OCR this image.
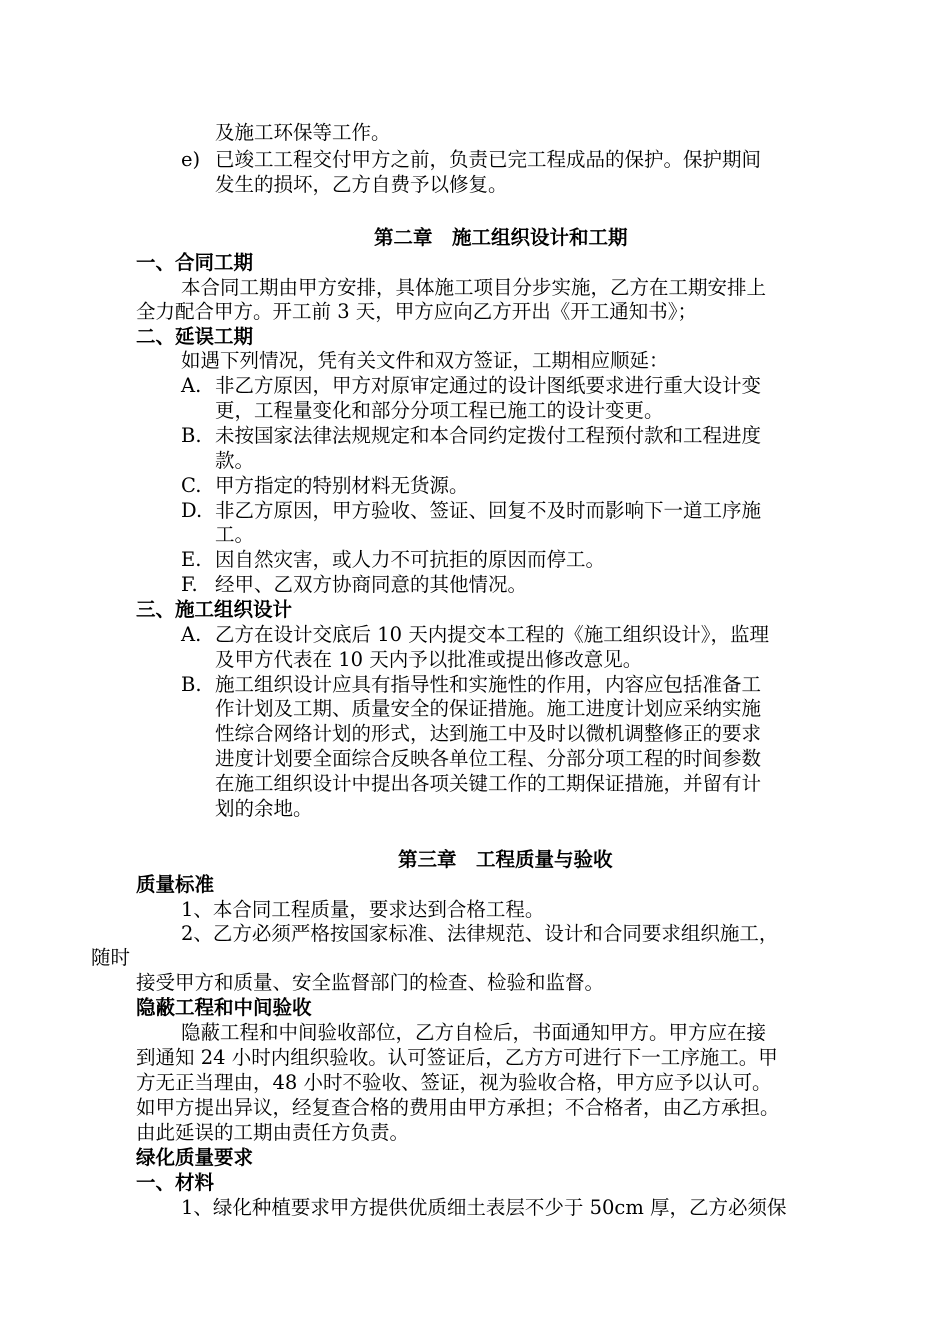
及施工环保等工作。
e) 已竣工工程交付甲方之前，负责已完工程成品的保护。保护期间
发生的损坏，乙方自费予以修复。
第二章　施工组织设计和工期
一、合同工期
本合同工期由甲方安排，具体施工项目分步实施，乙方在工期安排上
全力配合甲方。开工前 3 天，甲方应向乙方开出《开工通知书》；
二、延误工期
如遇下列情况，凭有关文件和双方签证，工期相应顺延：
A. 非乙方原因，甲方对原审定通过的设计图纸要求进行重大设计变
更，工程量变化和部分分项工程已施工的设计变更。
B. 未按国家法律法规规定和本合同约定拨付工程预付款和工程进度
款。
C. 甲方指定的特别材料无货源。
D. 非乙方原因，甲方验收、签证、回复不及时而影响下一道工序施
工。
E. 因自然灾害，或人力不可抗拒的原因而停工。
F. 经甲、乙双方协商同意的其他情况。
三、施工组织设计
A. 乙方在设计交底后 10 天内提交本工程的《施工组织设计》，监理
及甲方代表在 10 天内予以批准或提出修改意见。
B. 施工组织设计应具有指导性和实施性的作用，内容应包括准备工
作计划及工期、质量安全的保证措施。施工进度计划应采纳实施
性综合网络计划的形式，达到施工中及时以微机调整修正的要求
进度计划要全面综合反映各单位工程、分部分项工程的时间参数
在施工组织设计中提出各项关键工作的工期保证措施，并留有计
划的余地。
第三章　工程质量与验收
质量标准
1、本合同工程质量，要求达到合格工程。
2、乙方必须严格按国家标准、法律规范、设计和合同要求组织施工，
随时
接受甲方和质量、安全监督部门的检查、检验和监督。
隐蔽工程和中间验收
隐蔽工程和中间验收部位，乙方自检后，书面通知甲方。甲方应在接
到通知 24 小时内组织验收。认可签证后，乙方方可进行下一工序施工。甲
方无正当理由，48 小时不验收、签证，视为验收合格，甲方应予以认可。
如甲方提出异议，经复查合格的费用由甲方承担；不合格者，由乙方承担。
由此延误的工期由责任方负责。
绿化质量要求
一、材料
1、绿化种植要求甲方提供优质细土表层不少于 50cm 厚，乙方必须保
